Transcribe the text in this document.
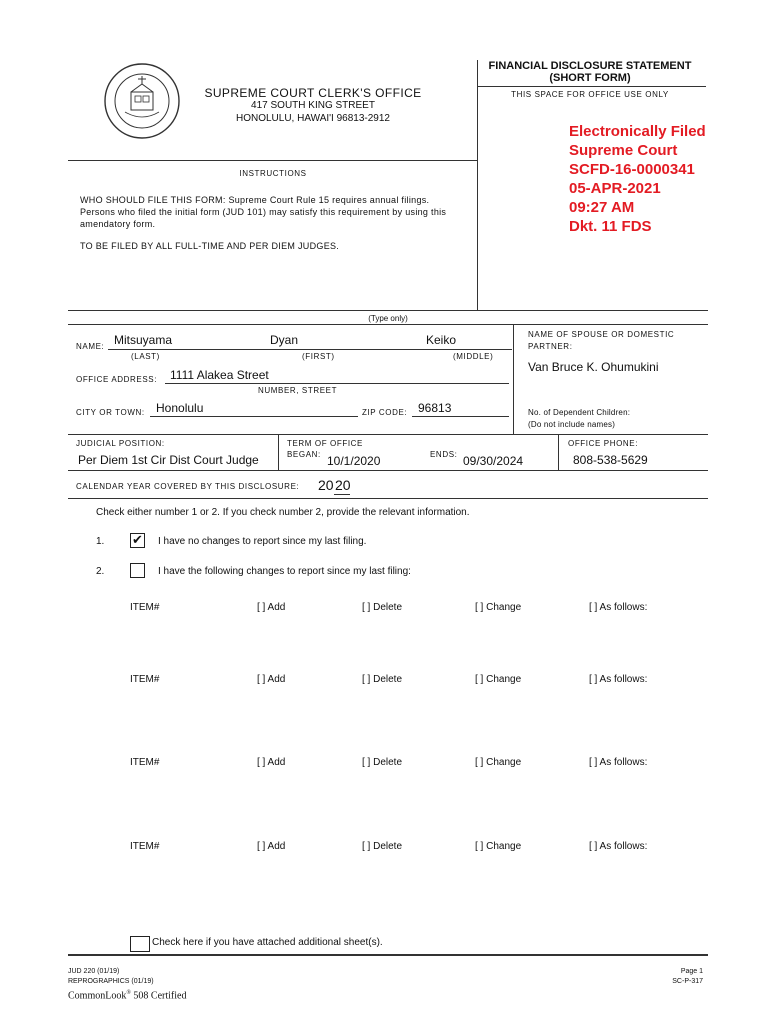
FINANCIAL DISCLOSURE STATEMENT
(SHORT FORM)
THIS SPACE FOR OFFICE USE ONLY
SUPREME COURT CLERK'S OFFICE
417 SOUTH KING STREET
HONOLULU, HAWAI'I 96813-2912
Electronically Filed
Supreme Court
SCFD-16-0000341
05-APR-2021
09:27 AM
Dkt. 11 FDS
INSTRUCTIONS
WHO SHOULD FILE THIS FORM: Supreme Court Rule 15 requires annual filings.
Persons who filed the initial form (JUD 101) may satisfy this requirement by using this
amendatory form.
TO BE FILED BY ALL FULL-TIME AND PER DIEM JUDGES.
(Type only)
NAME: Mitsuyama	Dyan	Keiko
(LAST)	(FIRST)	(MIDDLE)
NAME OF SPOUSE OR DOMESTIC
PARTNER:
Van Bruce K. Ohumukini
OFFICE ADDRESS: 1111 Alakea Street
NUMBER, STREET
CITY OR TOWN: Honolulu	ZIP CODE: 96813	No. of Dependent Children:
(Do not include names)
JUDICIAL POSITION:
Per Diem 1st Cir Dist Court Judge
TERM OF OFFICE
BEGAN: 10/1/2020	ENDS: 09/30/2024
OFFICE PHONE:
808-538-5629
CALENDAR YEAR COVERED BY THIS DISCLOSURE: 20 20
Check either number 1 or 2. If you check number 2, provide the relevant information.
1. ✔ I have no changes to report since my last filing.
2.	I have the following changes to report since my last filing:
ITEM#	[ ] Add	[ ] Delete	[ ] Change	[ ] As follows:
ITEM#	[ ] Add	[ ] Delete	[ ] Change	[ ] As follows:
ITEM#	[ ] Add	[ ] Delete	[ ] Change	[ ] As follows:
ITEM#	[ ] Add	[ ] Delete	[ ] Change	[ ] As follows:
Check here if you have attached additional sheet(s).
JUD 220 (01/19)
REPROGRAPHICS (01/19)
CommonLook® 508 Certified
Page 1
SC-P-317
